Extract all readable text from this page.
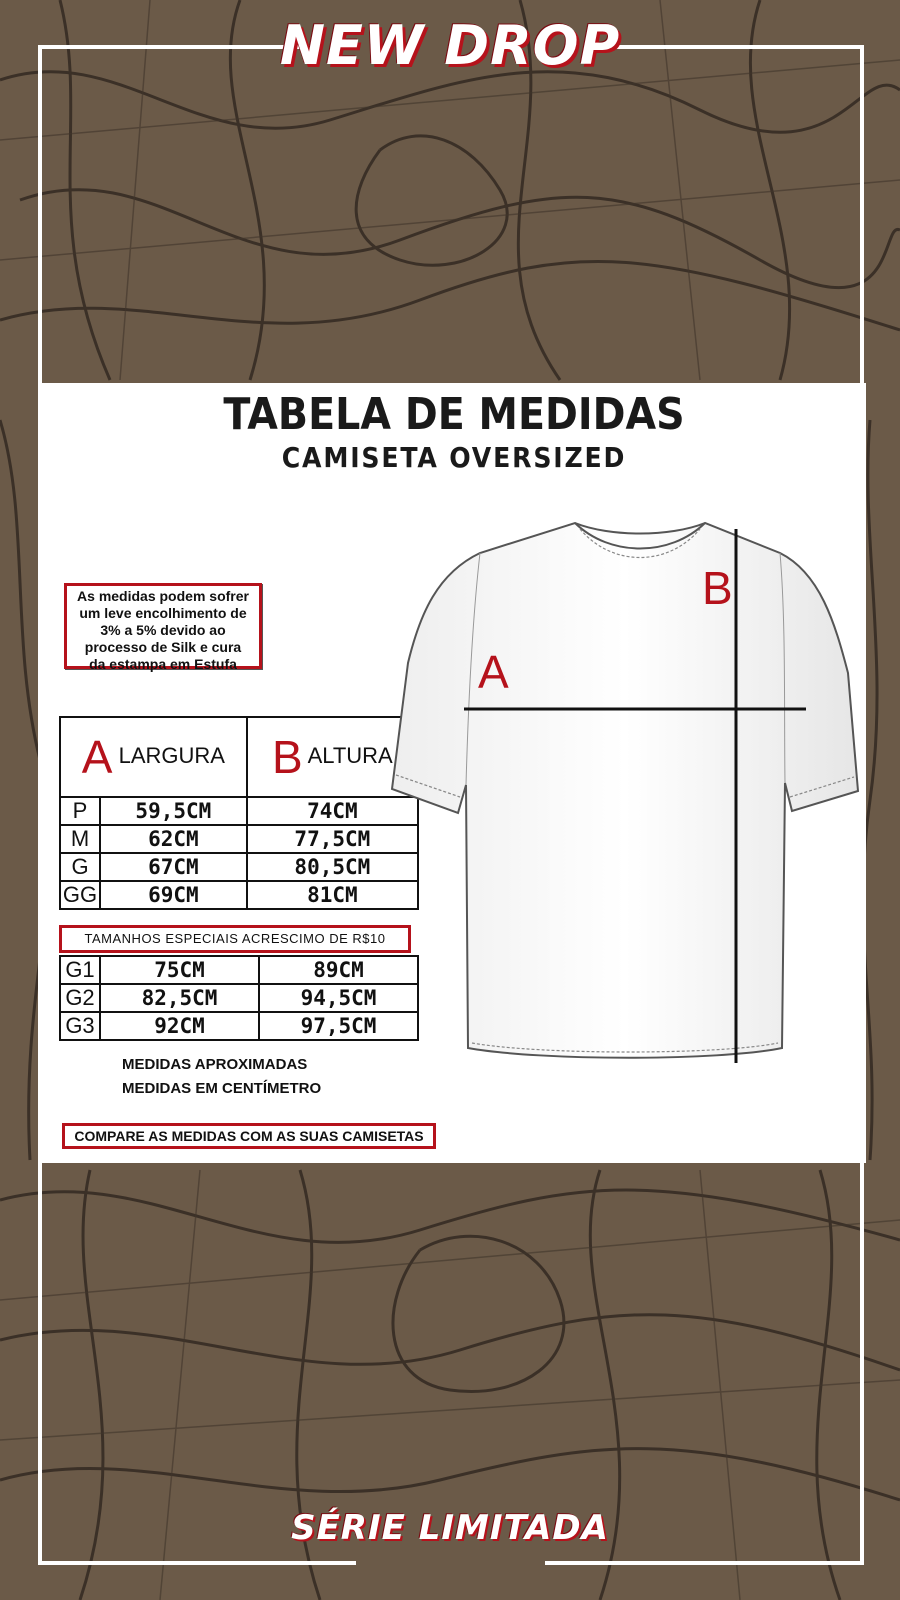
NEW DROP
SÉRIE LIMITADA
TABELA DE MEDIDAS
CAMISETA OVERSIZED
As medidas podem sofrer
um leve encolhimento de
3% a 5% devido ao
processo de Silk e cura
da estampa em Estufa
A LARGURA		B ALTURA
P	59,5CM	74CM
M	62CM	77,5CM
G	67CM	80,5CM
GG	69CM	81CM
TAMANHOS ESPECIAIS ACRESCIMO DE R$10
G1	75CM	89CM
G2	82,5CM	94,5CM
G3	92CM	97,5CM
MEDIDAS APROXIMADAS
MEDIDAS EM CENTÍMETRO
COMPARE AS MEDIDAS COM AS SUAS CAMISETAS
A
B
